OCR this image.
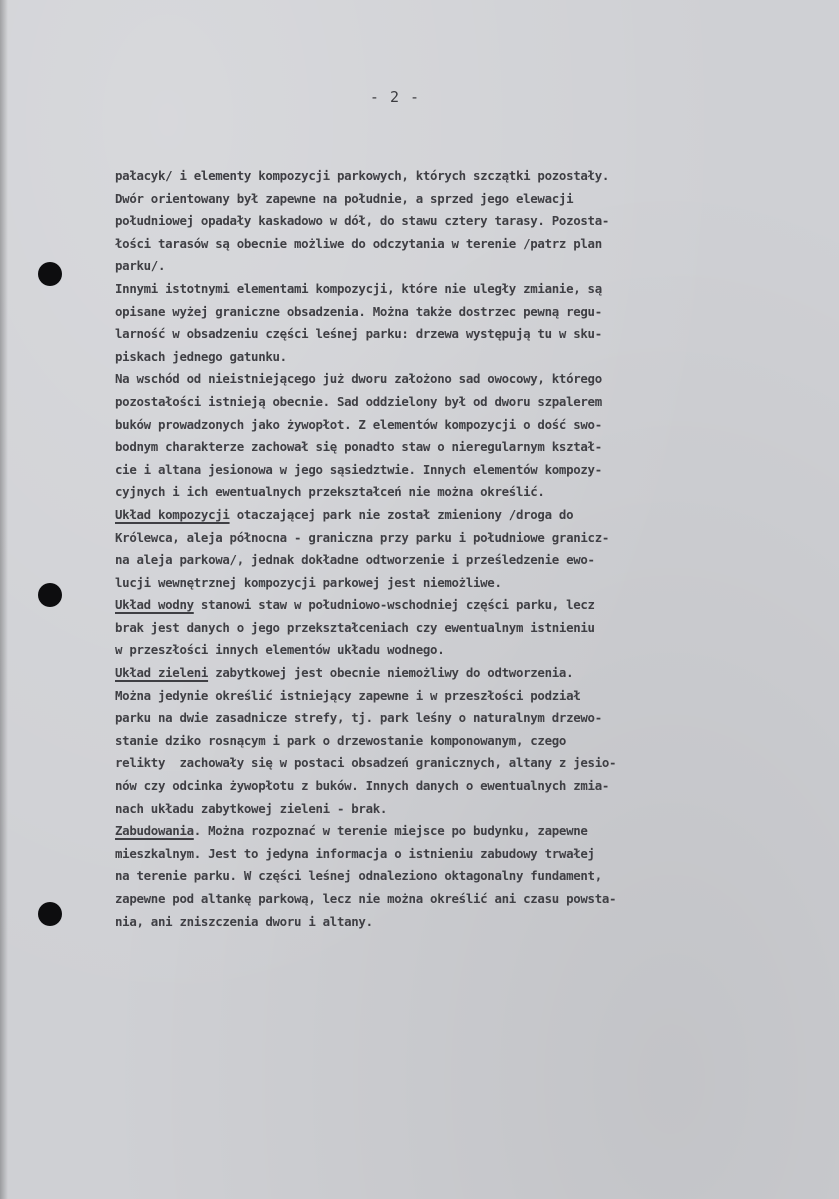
- 2 -
pałacyk/ i elementy kompozycji parkowych, których szczątki pozostały.
Dwór orientowany był zapewne na południe, a sprzed jego elewacji
południowej opadały kaskadowo w dół, do stawu cztery tarasy. Pozosta-
łości tarasów są obecnie możliwe do odczytania w terenie /patrz plan
parku/.
Innymi istotnymi elementami kompozycji, które nie uległy zmianie, są
opisane wyżej graniczne obsadzenia. Można także dostrzec pewną regu-
larność w obsadzeniu części leśnej parku: drzewa występują tu w sku-
piskach jednego gatunku.
Na wschód od nieistniejącego już dworu założono sad owocowy, którego
pozostałości istnieją obecnie. Sad oddzielony był od dworu szpalerem
buków prowadzonych jako żywopłot. Z elementów kompozycji o dość swo-
bodnym charakterze zachował się ponadto staw o nieregularnym kształ-
cie i altana jesionowa w jego sąsiedztwie. Innych elementów kompozy-
cyjnych i ich ewentualnych przekształceń nie można określić.
Układ kompozycji otaczającej park nie został zmieniony /droga do
Królewca, aleja północna - graniczna przy parku i południowe granicz-
na aleja parkowa/, jednak dokładne odtworzenie i prześledzenie ewo-
lucji wewnętrznej kompozycji parkowej jest niemożliwe.
Układ wodny stanowi staw w południowo-wschodniej części parku, lecz
brak jest danych o jego przekształceniach czy ewentualnym istnieniu
w przeszłości innych elementów układu wodnego.
Układ zieleni zabytkowej jest obecnie niemożliwy do odtworzenia.
Można jedynie określić istniejący zapewne i w przeszłości podział
parku na dwie zasadnicze strefy, tj. park leśny o naturalnym drzewo-
stanie dziko rosnącym i park o drzewostanie komponowanym, czego
relikty  zachowały się w postaci obsadzeń granicznych, altany z jesio-
nów czy odcinka żywopłotu z buków. Innych danych o ewentualnych zmia-
nach układu zabytkowej zieleni - brak.
Zabudowania. Można rozpoznać w terenie miejsce po budynku, zapewne
mieszkalnym. Jest to jedyna informacja o istnieniu zabudowy trwałej
na terenie parku. W części leśnej odnaleziono oktagonalny fundament,
zapewne pod altankę parkową, lecz nie można określić ani czasu powsta-
nia, ani zniszczenia dworu i altany.
